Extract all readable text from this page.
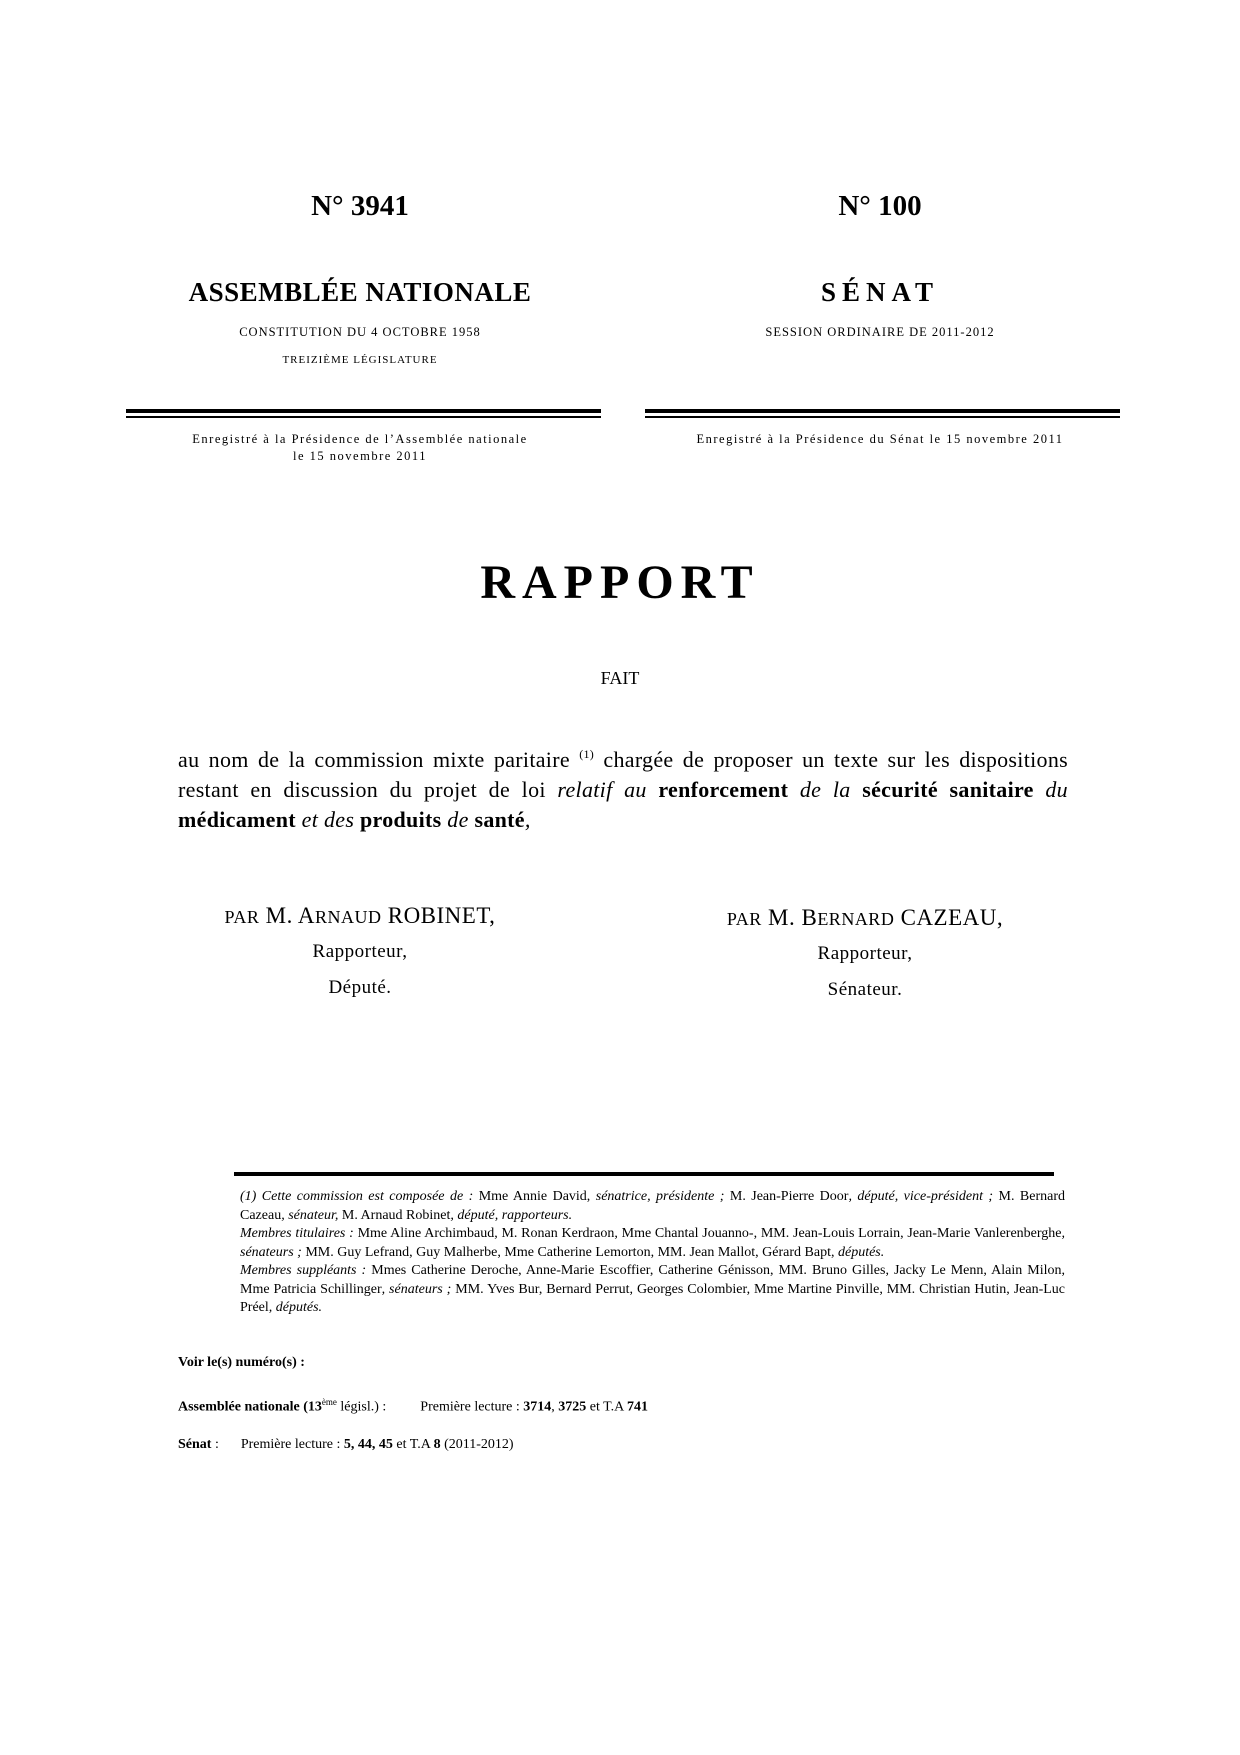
N° 3941
ASSEMBLÉE NATIONALE
CONSTITUTION DU 4 OCTOBRE 1958
TREIZIÈME LÉGISLATURE
N° 100
SÉNAT
SESSION ORDINAIRE DE 2011-2012
Enregistré à la Présidence de l’Assemblée nationale
le 15 novembre 2011
Enregistré à la Présidence du Sénat le 15 novembre 2011
RAPPORT
FAIT
au nom de la commission mixte paritaire $^{(1)}$ chargée de proposer un texte sur les dispositions restant en discussion du projet de loi relatif au renforcement de la sécurité sanitaire du médicament et des produits de santé,
PAR M. ARNAUD ROBINET,
Rapporteur,
Député.
PAR M. BERNARD CAZEAU,
Rapporteur,
Sénateur.

(1) Cette commission est composée de : Mme Annie David, sénatrice, présidente ; M. Jean-Pierre Door, député, vice-président ; M. Bernard Cazeau, sénateur, M. Arnaud Robinet, député, rapporteurs.

Membres titulaires : Mme Aline Archimbaud, M. Ronan Kerdraon, Mme Chantal Jouanno-, MM. Jean-Louis Lorrain, Jean-Marie Vanlerenberghe, sénateurs ; MM. Guy Lefrand, Guy Malherbe, Mme Catherine Lemorton, MM. Jean Mallot, Gérard Bapt, députés.

Membres suppléants : Mmes Catherine Deroche, Anne-Marie Escoffier, Catherine Génisson, MM. Bruno Gilles, Jacky Le Menn, Alain Milon, Mme Patricia Schillinger, sénateurs ; MM. Yves Bur, Bernard Perrut, Georges Colombier, Mme Martine Pinville, MM. Christian Hutin, Jean-Luc Préel, députés.

Voir le(s) numéro(s) :
Assemblée nationale (13ème législ.) : Première lecture : 3714, 3725 et T.A 741
Sénat : Première lecture : 5, 44, 45 et T.A 8 (2011-2012)
